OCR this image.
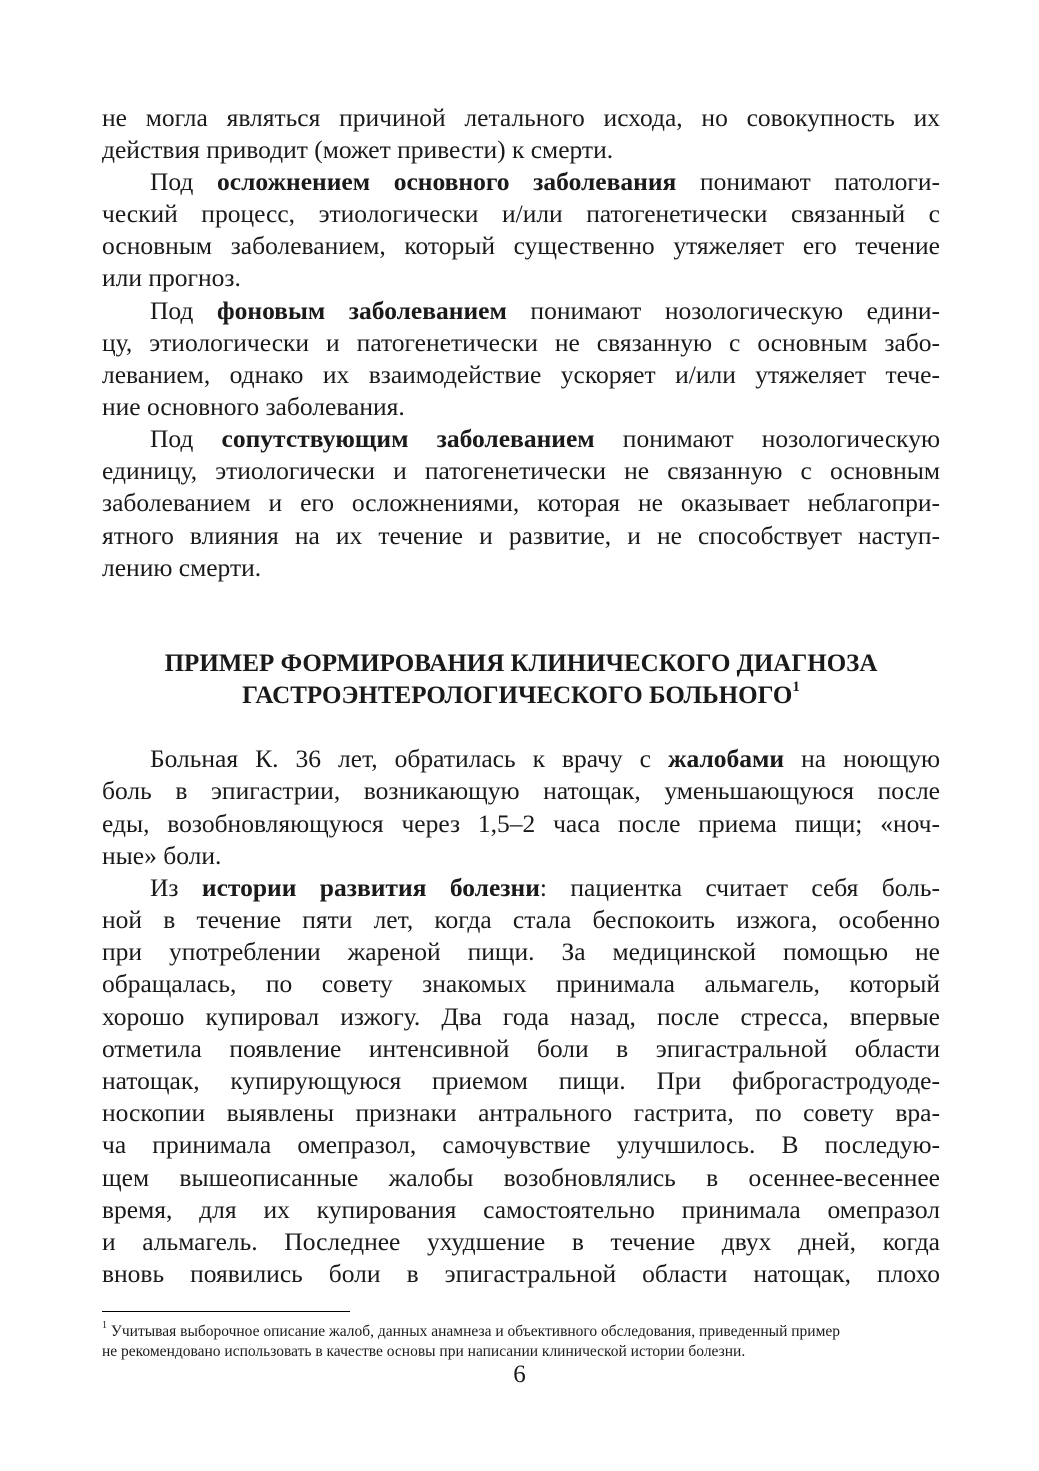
не могла являться причиной летального исхода, но совокупность их
действия приводит (может привести) к смерти.
Под осложнением основного заболевания понимают патологи-
ческий процесс, этиологически и/или патогенетически связанный с
основным заболеванием, который существенно утяжеляет его течение
или прогноз.
Под фоновым заболеванием понимают нозологическую едини-
цу, этиологически и патогенетически не связанную с основным забо-
леванием, однако их взаимодействие ускоряет и/или утяжеляет тече-
ние основного заболевания.
Под сопутствующим заболеванием понимают нозологическую
единицу, этиологически и патогенетически не связанную с основным
заболеванием и его осложнениями, которая не оказывает неблагопри-
ятного влияния на их течение и развитие, и не способствует наступ-
лению смерти.
ПРИМЕР ФОРМИРОВАНИЯ КЛИНИЧЕСКОГО ДИАГНОЗА
ГАСТРОЭНТЕРОЛОГИЧЕСКОГО БОЛЬНОГО$^1$
Больная К. 36 лет, обратилась к врачу с жалобами на ноющую
боль в эпигастрии, возникающую натощак, уменьшающуюся после
еды, возобновляющуюся через 1,5–2 часа после приема пищи; «ноч-
ные» боли.
Из истории развития болезни: пациентка считает себя боль-
ной в течение пяти лет, когда стала беспокоить изжога, особенно
при употреблении жареной пищи. За медицинской помощью не
обращалась, по совету знакомых принимала альмагель, который
хорошо купировал изжогу. Два года назад, после стресса, впервые
отметила появление интенсивной боли в эпигастральной области
натощак, купирующуюся приемом пищи. При фиброгастродуоде-
носкопии выявлены признаки антрального гастрита, по совету вра-
ча принимала омепразол, самочувствие улучшилось. В последую-
щем вышеописанные жалобы возобновлялись в осеннее-весеннее
время, для их купирования самостоятельно принимала омепразол
и альмагель. Последнее ухудшение в течение двух дней, когда
вновь появились боли в эпигастральной области натощак, плохо
$^1$ Учитывая выборочное описание жалоб, данных анамнеза и объективного обследования, приведенный пример
не рекомендовано использовать в качестве основы при написании клинической истории болезни.
6
